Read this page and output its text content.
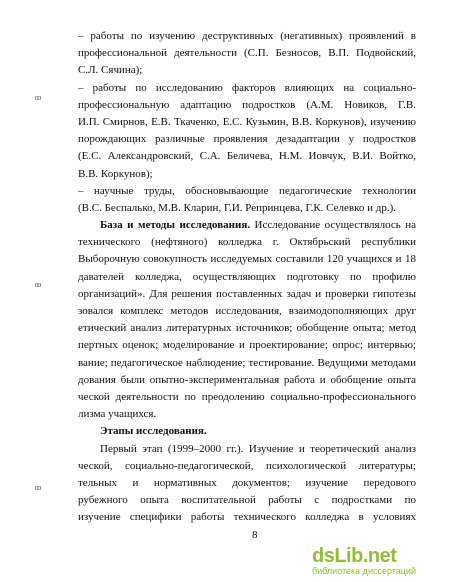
ꝏ
ꝏ
ꝏ
– работы по изучению деструктивных (негативных) проявлений в
профессиональной деятельности (С.П. Безносов, В.П. Подвойский,
С.Л. Сячина);
– работы по исследованию факторов влияющих на социально-
профессиональную адаптацию подростков (А.М. Новиков, Г.В.
И.П. Смирнов, Е.В. Ткаченко, Е.С. Кузьмин, В.В. Коркунов), изучению
порождающих различные проявления дезадаптации у подростков
(Е.С. Александровский, С.А. Беличева, Н.М. Иовчук, В.И. Войтко,
В.В. Коркунов);
– научные труды, обосновывающие педагогические технологии
(В.С. Беспалько, М.В. Кларин, Г.И. Репринцева, Г.К. Селевко и др.).
База и методы исследования. Исследование осуществлялось на
технического (нефтяного) колледжа г. Октябрьский республики
Выборочную совокупность исследуемых составили 120 учащихся и 18
давателей колледжа, осуществляющих подготовку по профилю
организаций». Для решения поставленных задач и проверки гипотезы
зовался комплекс методов исследования, взаимодополняющих друг
етический анализ литературных источников; обобщение опыта; метод
пертных оценок; моделирование и проектирование; опрос; интервью;
вание; педагогическое наблюдение; тестирование. Ведущими методами
дования были опытно-экспериментальная работа и обобщение опыта
ческой деятельности по преодолению социально-профессионального
лизма учащихся.
Этапы исследования.
Первый этап (1999–2000 гг.). Изучение и теоретический анализ
ческой, социально-педагогической, психологической литературы;
тельных и нормативных документов; изучение передового
рубежного опыта воспитательной работы с подростками по
изучение специфики работы технического колледжа в условиях
8
dsLib.net
библиотека диссертаций
